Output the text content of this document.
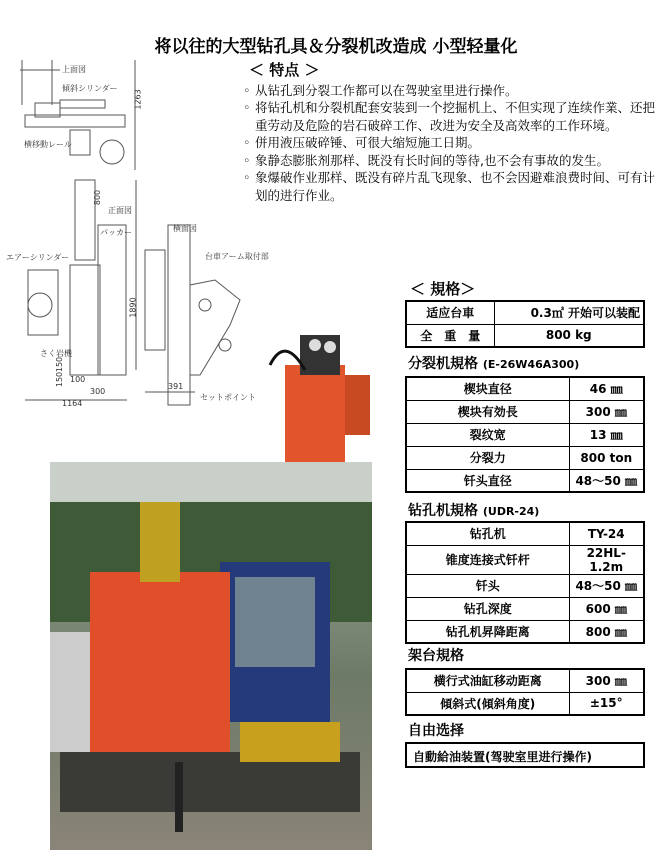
将以往的大型钻孔具＆分裂机改造成 小型轻量化
上面図
傾斜シリンダー
横移動レール
1263
800
正面図
横面図
パッカー
エアーシリンダー	台車アーム取付部
1890
さく岩機
150
150 100
300
1164
391
セットポイント
＜ 特点 ＞
◦ 从钻孔到分裂工作都可以在驾驶室里进行操作。
◦ 将钻孔机和分裂机配套安装到一个挖掘机上、不但实现了连续作業、还把重劳动及危险的岩石破碎工作、改进为安全及高效率的工作环境。
◦ 併用液压破碎锤、可很大缩短施工日期。
◦ 象静态膨胀剂那样、既没有长时间的等待,也不会有事故的发生。
◦ 象爆破作业那样、既没有碎片乱飞现象、也不会因避难浪费时间、可有计划的进行作业。
＜ 規格＞
适应台車	0.3㎥ 开始可以装配
全　重　量	800 kg
分裂机規格 (E-26W46A300)
楔块直径	46 ㎜
楔块有効長	300 ㎜
裂纹宽	13 ㎜
分裂力	800 ton
钎头直径	48～50 ㎜
钻孔机規格 (UDR-24)
钻孔机	TY-24
锥度连接式钎杆	22HL-1.2m
钎头	48～50 ㎜
钻孔深度	600 ㎜
钻孔机昇降距离	800 ㎜
架台規格
横行式油缸移动距离	300 ㎜
傾斜式(傾斜角度)	±15°
自由选择
自動給油装置(驾驶室里进行操作)
